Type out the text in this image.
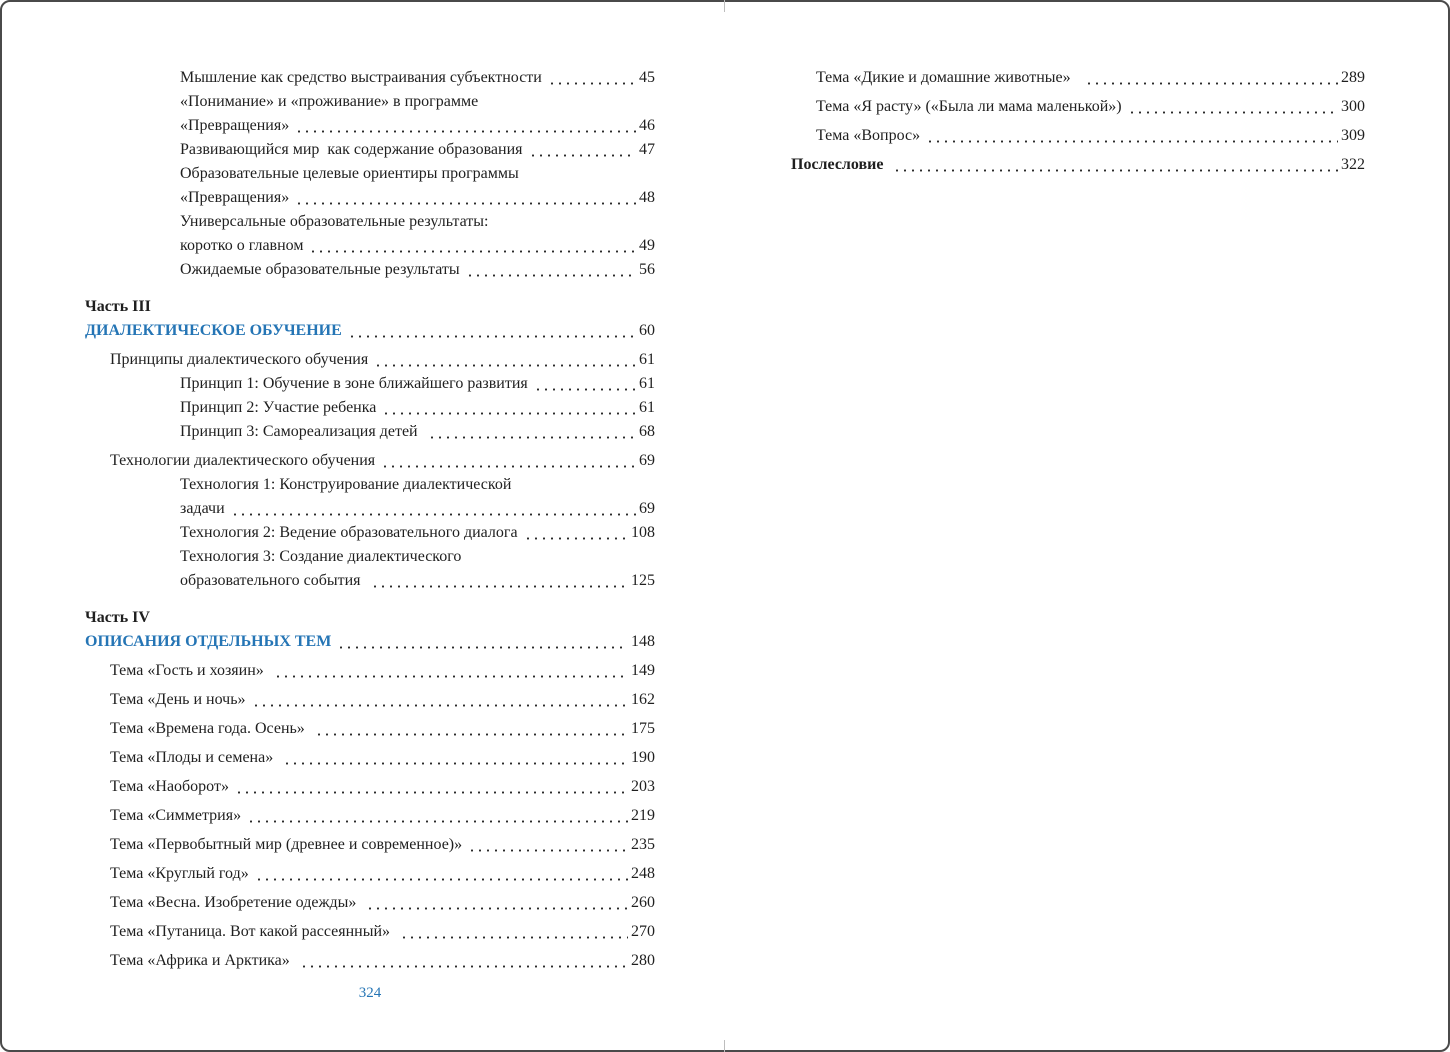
Мышление как средство выстраивания субъектности	45
«Понимание» и «проживание» в программе
«Превращения»	46
Развивающийся мир  как содержание образования	47
Образовательные целевые ориентиры программы
«Превращения»	48
Универсальные образовательные результаты:
коротко о главном	49
Ожидаемые образовательные результаты	56
Часть III
ДИАЛЕКТИЧЕСКОЕ ОБУЧЕНИЕ	60
Принципы диалектического обучения	61
Принцип 1: Обучение в зоне ближайшего развития	61
Принцип 2: Участие ребенка	61
Принцип 3: Самореализация детей	68
Технологии диалектического обучения	69
Технология 1: Конструирование диалектической
задачи	69
Технология 2: Ведение образовательного диалога	108
Технология 3: Создание диалектического
образовательного события	125
Часть IV
ОПИСАНИЯ ОТДЕЛЬНЫХ ТЕМ	148
Тема «Гость и хозяин»	149
Тема «День и ночь»	162
Тема «Времена года. Осень»	175
Тема «Плоды и семена»	190
Тема «Наоборот»	203
Тема «Симметрия»	219
Тема «Первобытный мир (древнее и современное)»	235
Тема «Круглый год»	248
Тема «Весна. Изобретение одежды»	260
Тема «Путаница. Вот какой рассеянный»	270
Тема «Африка и Арктика»	280
324
Тема «Дикие и домашние животные»	289
Тема «Я расту» («Была ли мама маленькой»)	300
Тема «Вопрос»	309
Послесловие	322
